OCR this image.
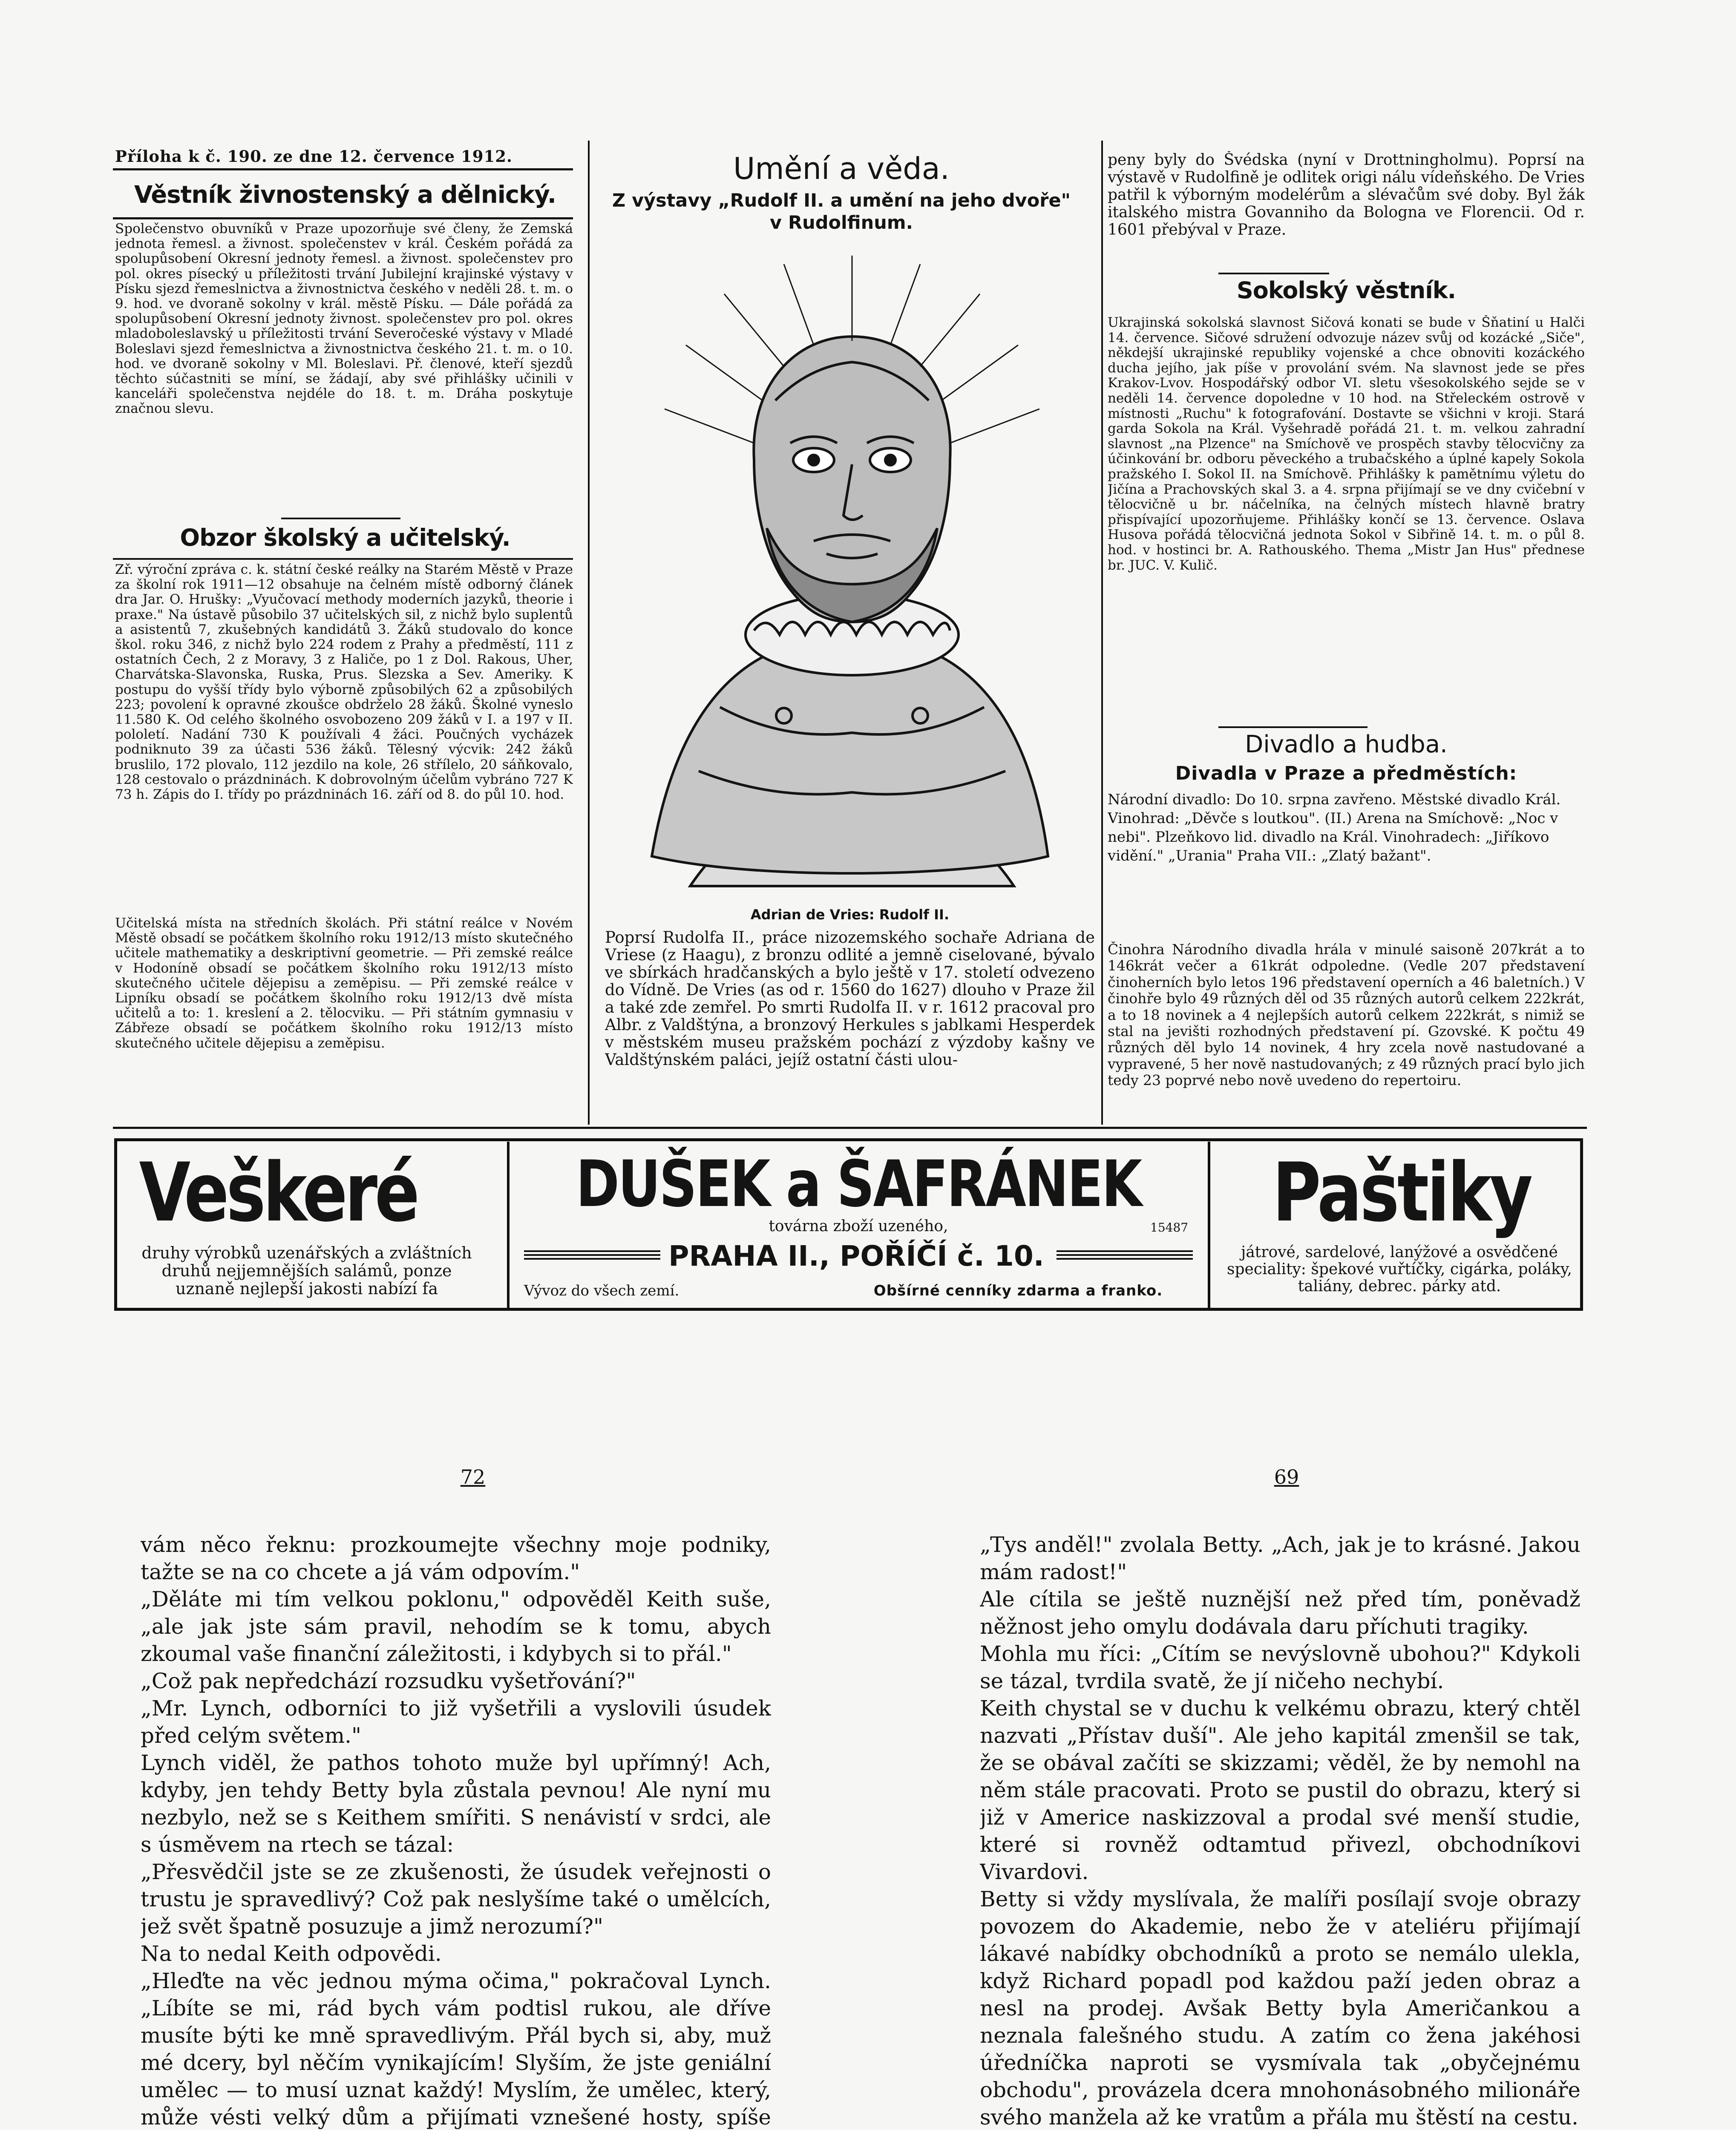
Příloha k č. 190. ze dne 12. července 1912.
Věstník živnostenský a dělnický.

Společenstvo obuvníků v Praze upozorňuje své členy, že Zemská jednota řemesl. a živnost. společenstev v král. Českém pořádá za spolupůsobení Okresní jednoty řemesl. a živnost. společenstev pro pol. okres písecký u příležitosti trvání Jubilejní krajinské výstavy v Písku sjezd řemeslnictva a živnostnictva českého v neděli 28. t. m. o 9. hod. ve dvoraně sokolny v král. městě Písku. — Dále pořádá za spolupůsobení Okresní jednoty živnost. společenstev pro pol. okres mladoboleslavský u příležitosti trvání Severočeské výstavy v Mladé Boleslavi sjezd řemeslnictva a živnostnictva českého 21. t. m. o 10. hod. ve dvoraně sokolny v Ml. Boleslavi. Př. členové, kteří sjezdů těchto súčastniti se míní, se žádají, aby své přihlášky učinili v kanceláři společenstva nejdéle do 18. t. m. Dráha poskytuje značnou slevu.

Obzor školský a učitelský.

Zř. výroční zpráva c. k. státní české reálky na Starém Městě v Praze za školní rok 1911—12 obsahuje na čelném místě odborný článek dra Jar. O. Hrušky: „Vyučovací methody moderních jazyků, theorie i praxe." Na ústavě působilo 37 učitelských sil, z nichž bylo suplentů a asistentů 7, zkušebných kandidátů 3. Žáků studovalo do konce škol. roku 346, z nichž bylo 224 rodem z Prahy a předměstí, 111 z ostatních Čech, 2 z Moravy, 3 z Haliče, po 1 z Dol. Rakous, Uher, Charvátska-Slavonska, Ruska, Prus. Slezska a Sev. Ameriky. K postupu do vyšší třídy bylo výborně způsobilých 62 a způsobilých 223; povolení k opravné zkoušce obdrželo 28 žáků. Školné vyneslo 11.580 K. Od celého školného osvobozeno 209 žáků v I. a 197 v II. pololetí. Nadání 730 K používali 4 žáci. Poučných vycházek podniknuto 39 za účasti 536 žáků. Tělesný výcvik: 242 žáků bruslilo, 172 plovalo, 112 jezdilo na kole, 26 střílelo, 20 sáňkovalo, 128 cestovalo o prázdninách. K dobrovolným účelům vybráno 727 K 73 h. Zápis do I. třídy po prázdninách 16. září od 8. do půl 10. hod.

Učitelská místa na středních školách. Při státní reálce v Novém Městě obsadí se počátkem školního roku 1912/13 místo skutečného učitele mathematiky a deskriptivní geometrie. — Při zemské reálce v Hodoníně obsadí se počátkem školního roku 1912/13 místo skutečného učitele dějepisu a zeměpisu. — Při zemské reálce v Lipníku obsadí se počátkem školního roku 1912/13 dvě místa učitelů a to: 1. kreslení a 2. tělocviku. — Při státním gymnasiu v Zábřeze obsadí se počátkem školního roku 1912/13 místo skutečného učitele dějepisu a zeměpisu.

Umění a věda.
Z výstavy „Rudolf II. a umění na jeho dvoře" v Rudolfinum.
Adrian de Vries: Rudolf II.

Poprsí Rudolfa II., práce nizozemského sochaře Adriana de Vriese (z Haagu), z bronzu odlité a jemně ciselované, bývalo ve sbírkách hradčanských a bylo ještě v 17. století odvezeno do Vídně. De Vries (as od r. 1560 do 1627) dlouho v Praze žil a také zde zemřel. Po smrti Rudolfa II. v r. 1612 pracoval pro Albr. z Valdštýna, a bronzový Herkules s jablkami Hesperdek v městském museu pražském pochází z výzdoby kašny ve Valdštýnském paláci, jejíž ostatní části ulou-

peny byly do Švédska (nyní v Drottningholmu). Poprsí na výstavě v Rudolfině je odlitek origi nálu vídeňského. De Vries patřil k výborným modelérům a slévačům své doby. Byl žák italského mistra Govanniho da Bologna ve Florencii. Od r. 1601 přebýval v Praze.

Sokolský věstník.

Ukrajinská sokolská slavnost Sičová konati se bude v Šňatiní u Halči 14. července. Sičové sdružení odvozuje název svůj od kozácké „Siče", někdejší ukrajinské republiky vojenské a chce obnoviti kozáckého ducha jejího, jak píše v provolání svém. Na slavnost jede se přes Krakov-Lvov. Hospodářský odbor VI. sletu všesokolského sejde se v neděli 14. července dopoledne v 10 hod. na Střeleckém ostrově v místnosti „Ruchu" k fotografování. Dostavte se všichni v kroji. Stará garda Sokola na Král. Vyšehradě pořádá 21. t. m. velkou zahradní slavnost „na Plzence" na Smíchově ve prospěch stavby tělocvičny za účinkování br. odboru pěveckého a trubačského a úplné kapely Sokola pražského I. Sokol II. na Smíchově. Přihlášky k pamětnímu výletu do Jičína a Prachovských skal 3. a 4. srpna přijímají se ve dny cvičební v tělocvičně u br. náčelníka, na čelných místech hlavně bratry přispívající upozorňujeme. Přihlášky končí se 13. července. Oslava Husova pořádá tělocvičná jednota Sokol v Sibřině 14. t. m. o půl 8. hod. v hostinci br. A. Rathouského. Thema „Mistr Jan Hus" přednese br. JUC. V. Kulič.

Divadlo a hudba.
Divadla v Praze a předměstích:

Národní divadlo: Do 10. srpna zavřeno. Městské divadlo Král. Vinohrad: „Děvče s loutkou". (II.) Arena na Smíchově: „Noc v nebi". Plzeňkovo lid. divadlo na Král. Vinohradech: „Jiříkovo vidění." „Urania" Praha VII.: „Zlatý bažant".

Činohra Národního divadla hrála v minulé saisoně 207krát a to 146krát večer a 61krát odpoledne. (Vedle 207 představení činoherních bylo letos 196 představení operních a 46 baletních.) V činohře bylo 49 různých děl od 35 různých autorů celkem 222krát, a to 18 novinek a 4 nejlepších autorů celkem 222krát, s nimiž se stal na jevišti rozhodných představení pí. Gzovské. K počtu 49 různých děl bylo 14 novinek, 4 hry zcela nově nastudované a vypravené, 5 her nově nastudovaných; z 49 různých prací bylo jich tedy 23 poprvé nebo nově uvedeno do repertoiru.

Veškeré
druhy výrobků uzenářských a zvláštních druhů nejjemnějších salámů, ponze uznaně nejlepší jakosti nabízí fa
DUŠEK a ŠAFRÁNEK
továrna zboží uzeného,	15487
PRAHA II., POŘÍČÍ č. 10.
Vývoz do všech zemí.	Obšírné cenníky zdarma a franko.
Paštiky
játrové, sardelové, lanýžové a osvědčené speciality: špekové vuřtíčky, cigárka, poláky, taliány, debrec. párky atd.
72

vám něco řeknu: prozkoumejte všechny moje podniky, tažte se na co chcete a já vám odpovím."
„Děláte mi tím velkou poklonu," odpověděl Keith suše, „ale jak jste sám pravil, nehodím se k tomu, abych zkoumal vaše finanční záležitosti, i kdybych si to přál."
„Což pak nepředchází rozsudku vyšetřování?"
„Mr. Lynch, odborníci to již vyšetřili a vyslovili úsudek před celým světem."
Lynch viděl, že pathos tohoto muže byl upřímný! Ach, kdyby, jen tehdy Betty byla zůstala pevnou! Ale nyní mu nezbylo, než se s Keithem smířiti. S nenávistí v srdci, ale s úsměvem na rtech se tázal:
„Přesvědčil jste se ze zkušenosti, že úsudek veřejnosti o trustu je spravedlivý? Což pak neslyšíme také o umělcích, jež svět špatně posuzuje a jimž nerozumí?"
Na to nedal Keith odpovědi.
„Hleďte na věc jednou mýma očima," pokračoval Lynch. „Líbíte se mi, rád bych vám podtisl rukou, ale dříve musíte býti ke mně spravedlivým. Přál bych si, aby, muž mé dcery, byl něčím vynikajícím! Slyším, že jste geniální umělec — to musí uznat každý! Myslím, že umělec, který, může vésti velký dům a přijímati vznešené hosty, spíše

69

„Tys anděl!" zvolala Betty. „Ach, jak je to krásné. Jakou mám radost!"
Ale cítila se ještě nuznější než před tím, poněvadž něžnost jeho omylu dodávala daru příchuti tragiky.
Mohla mu říci: „Cítím se nevýslovně ubohou?" Kdykoli se tázal, tvrdila svatě, že jí ničeho nechybí.
Keith chystal se v duchu k velkému obrazu, který chtěl nazvati „Přístav duší". Ale jeho kapitál zmenšil se tak, že se obával začíti se skizzami; věděl, že by nemohl na něm stále pracovati. Proto se pustil do obrazu, který si již v Americe naskizzoval a prodal své menší studie, které si rovněž odtamtud přivezl, obchodníkovi Vivardovi.
Betty si vždy myslívala, že malíři posílají svoje obrazy povozem do Akademie, nebo že v ateliéru přijímají lákavé nabídky obchodníků a proto se nemálo ulekla, když Richard popadl pod každou paží jeden obraz a nesl na prodej. Avšak Betty byla Američankou a neznala falešného studu. A zatím co žena jakéhosi úředníčka naproti se vysmívala tak „obyčejnému obchodu", provázela dcera mnohonásobného milionáře svého manžela až ke vratům a přála mu štěstí na cestu.
